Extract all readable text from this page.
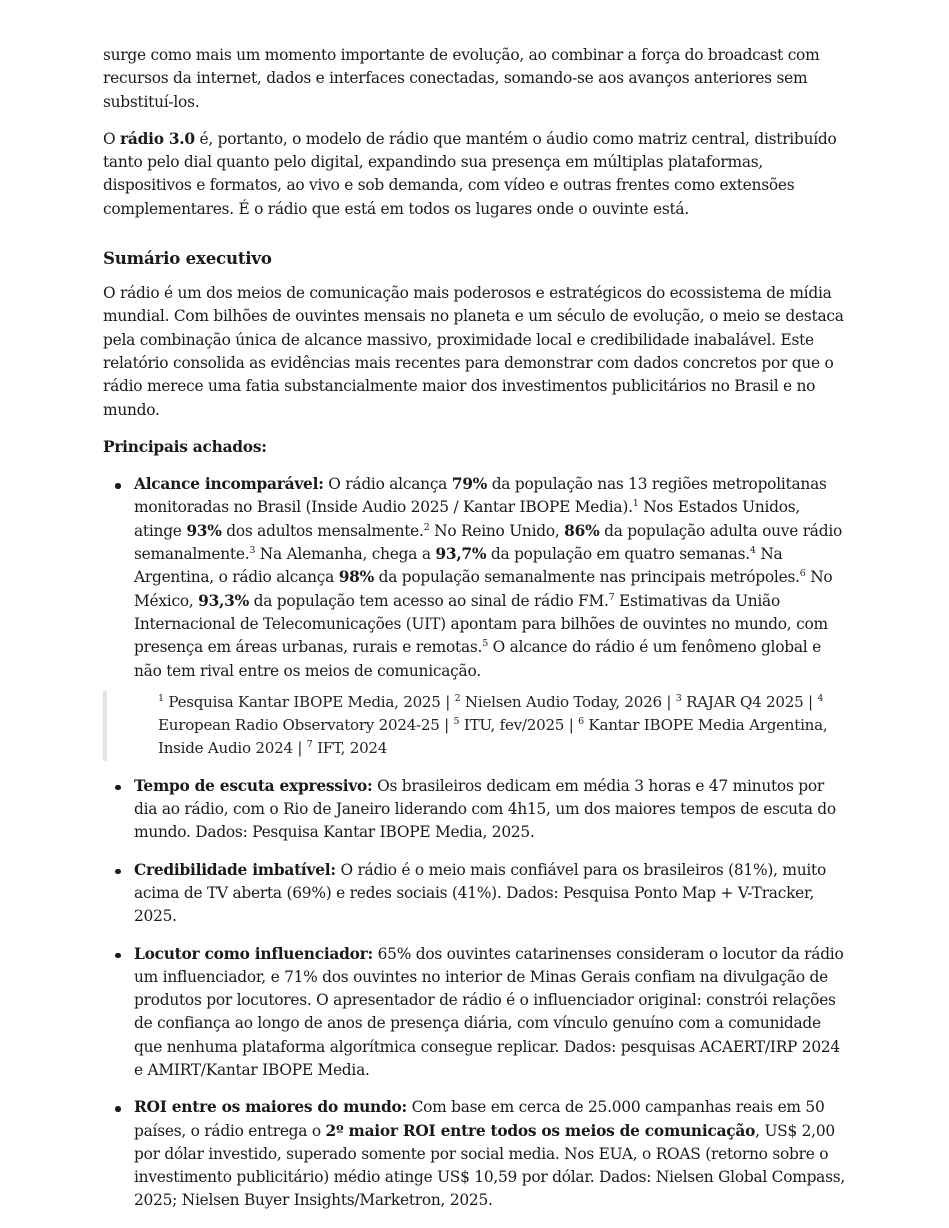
surge como mais um momento importante de evolução, ao combinar a força do broadcast com recursos da internet, dados e interfaces conectadas, somando-se aos avanços anteriores sem substituí-los.

O rádio 3.0 é, portanto, o modelo de rádio que mantém o áudio como matriz central, distribuído tanto pelo dial quanto pelo digital, expandindo sua presença em múltiplas plataformas, dispositivos e formatos, ao vivo e sob demanda, com vídeo e outras frentes como extensões complementares. É o rádio que está em todos os lugares onde o ouvinte está.

Sumário executivo

O rádio é um dos meios de comunicação mais poderosos e estratégicos do ecossistema de mídia mundial. Com bilhões de ouvintes mensais no planeta e um século de evolução, o meio se destaca pela combinação única de alcance massivo, proximidade local e credibilidade inabalável. Este relatório consolida as evidências mais recentes para demonstrar com dados concretos por que o rádio merece uma fatia substancialmente maior dos investimentos publicitários no Brasil e no mundo.

Principais achados:

Alcance incomparável: O rádio alcança 79% da população nas 13 regiões metropolitanas monitoradas no Brasil (Inside Audio 2025 / Kantar IBOPE Media).$^1$ Nos Estados Unidos, atinge 93% dos adultos mensalmente.$^2$ No Reino Unido, 86% da população adulta ouve rádio semanalmente.$^3$ Na Alemanha, chega a 93,7% da população em quatro semanas.$^4$ Na Argentina, o rádio alcança 98% da população semanalmente nas principais metrópoles.$^6$ No México, 93,3% da população tem acesso ao sinal de rádio FM.$^7$ Estimativas da União Internacional de Telecomunicações (UIT) apontam para bilhões de ouvintes no mundo, com presença em áreas urbanas, rurais e remotas.$^5$ O alcance do rádio é um fenômeno global e não tem rival entre os meios de comunicação.
$^1$ Pesquisa Kantar IBOPE Media, 2025 | $^2$ Nielsen Audio Today, 2026 | $^3$ RAJAR Q4 2025 | $^4$ European Radio Observatory 2024-25 | $^5$ ITU, fev/2025 | $^6$ Kantar IBOPE Media Argentina, Inside Audio 2024 | $^7$ IFT, 2024
Tempo de escuta expressivo: Os brasileiros dedicam em média 3 horas e 47 minutos por dia ao rádio, com o Rio de Janeiro liderando com 4h15, um dos maiores tempos de escuta do mundo. Dados: Pesquisa Kantar IBOPE Media, 2025.
Credibilidade imbatível: O rádio é o meio mais confiável para os brasileiros (81%), muito acima de TV aberta (69%) e redes sociais (41%). Dados: Pesquisa Ponto Map + V-Tracker, 2025.
Locutor como influenciador: 65% dos ouvintes catarinenses consideram o locutor da rádio um influenciador, e 71% dos ouvintes no interior de Minas Gerais confiam na divulgação de produtos por locutores. O apresentador de rádio é o influenciador original: constrói relações de confiança ao longo de anos de presença diária, com vínculo genuíno com a comunidade que nenhuma plataforma algorítmica consegue replicar. Dados: pesquisas ACAERT/IRP 2024 e AMIRT/Kantar IBOPE Media.
ROI entre os maiores do mundo: Com base em cerca de 25.000 campanhas reais em 50 países, o rádio entrega o 2º maior ROI entre todos os meios de comunicação, US$ 2,00 por dólar investido, superado somente por social media. Nos EUA, o ROAS (retorno sobre o investimento publicitário) médio atinge US$ 10,59 por dólar. Dados: Nielsen Global Compass, 2025; Nielsen Buyer Insights/Marketron, 2025.
